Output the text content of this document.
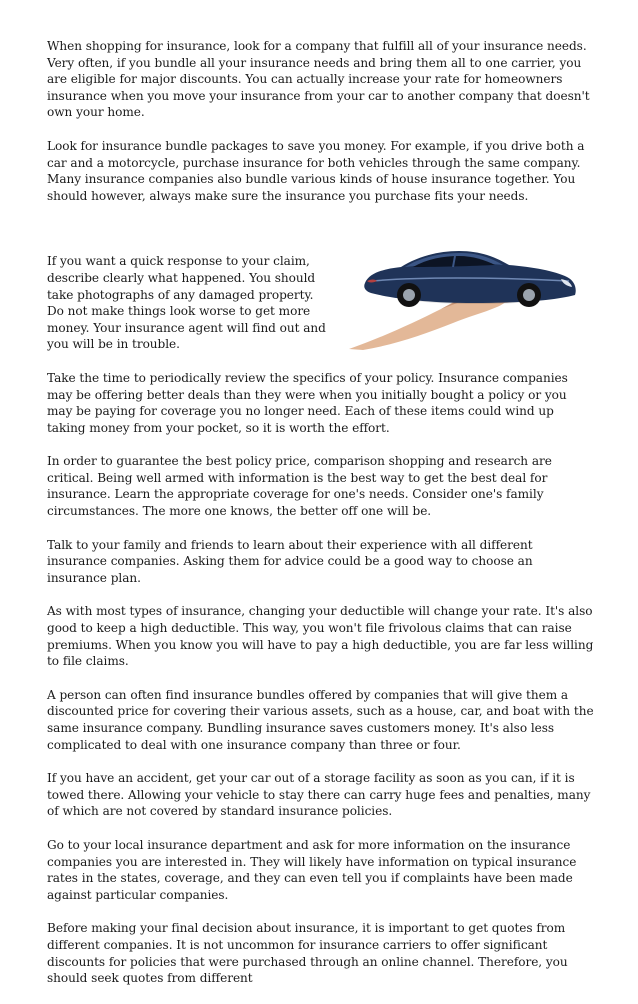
When shopping for insurance, look for a company that fulfill all of your insurance needs. Very often, if you bundle all your insurance needs and bring them all to one carrier, you are eligible for major discounts. You can actually increase your rate for homeowners insurance when you move your insurance from your car to another company that doesn't own your home.

Look for insurance bundle packages to save you money. For example, if you drive both a car and a motorcycle, purchase insurance for both vehicles through the same company. Many insurance companies also bundle various kinds of house insurance together. You should however, always make sure the insurance you purchase fits your needs.

If you want a quick response to your claim, describe clearly what happened. You should take photographs of any damaged property. Do not make things look worse to get more money. Your insurance agent will find out and you will be in trouble.

Take the time to periodically review the specifics of your policy. Insurance companies may be offering better deals than they were when you initially bought a policy or you may be paying for coverage you no longer need. Each of these items could wind up taking money from your pocket, so it is worth the effort.

In order to guarantee the best policy price, comparison shopping and research are critical. Being well armed with information is the best way to get the best deal for insurance. Learn the appropriate coverage for one's needs. Consider one's family circumstances. The more one knows, the better off one will be.

Talk to your family and friends to learn about their experience with all different insurance companies. Asking them for advice could be a good way to choose an insurance plan.

As with most types of insurance, changing your deductible will change your rate. It's also good to keep a high deductible. This way, you won't file frivolous claims that can raise premiums. When you know you will have to pay a high deductible, you are far less willing to file claims.

A person can often find insurance bundles offered by companies that will give them a discounted price for covering their various assets, such as a house, car, and boat with the same insurance company. Bundling insurance saves customers money. It's also less complicated to deal with one insurance company than three or four.

If you have an accident, get your car out of a storage facility as soon as you can, if it is towed there. Allowing your vehicle to stay there can carry huge fees and penalties, many of which are not covered by standard insurance policies.

Go to your local insurance department and ask for more information on the insurance companies you are interested in. They will likely have information on typical insurance rates in the states, coverage, and they can even tell you if complaints have been made against particular companies.

Before making your final decision about insurance, it is important to get quotes from different companies. It is not uncommon for insurance carriers to offer significant discounts for policies that were purchased through an online channel. Therefore, you should seek quotes from different
